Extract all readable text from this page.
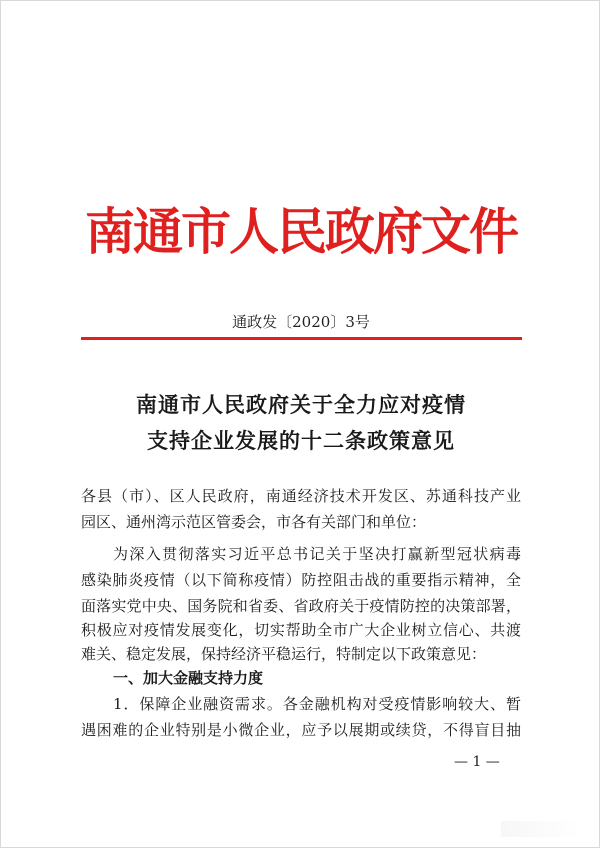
南通市人民政府文件
通政发〔2020〕3号
南通市人民政府关于全力应对疫情
支持企业发展的十二条政策意见
各县（市）、区人民政府，南通经济技术开发区、苏通科技产业
园区、通州湾示范区管委会，市各有关部门和单位：
为深入贯彻落实习近平总书记关于坚决打赢新型冠状病毒
感染肺炎疫情（以下简称疫情）防控阻击战的重要指示精神，全
面落实党中央、国务院和省委、省政府关于疫情防控的决策部署，
积极应对疫情发展变化，切实帮助全市广大企业树立信心、共渡
难关、稳定发展，保持经济平稳运行，特制定以下政策意见：
一、加大金融支持力度
1．保障企业融资需求。各金融机构对受疫情影响较大、暂
遇困难的企业特别是小微企业，应予以展期或续贷，不得盲目抽
— 1 —
